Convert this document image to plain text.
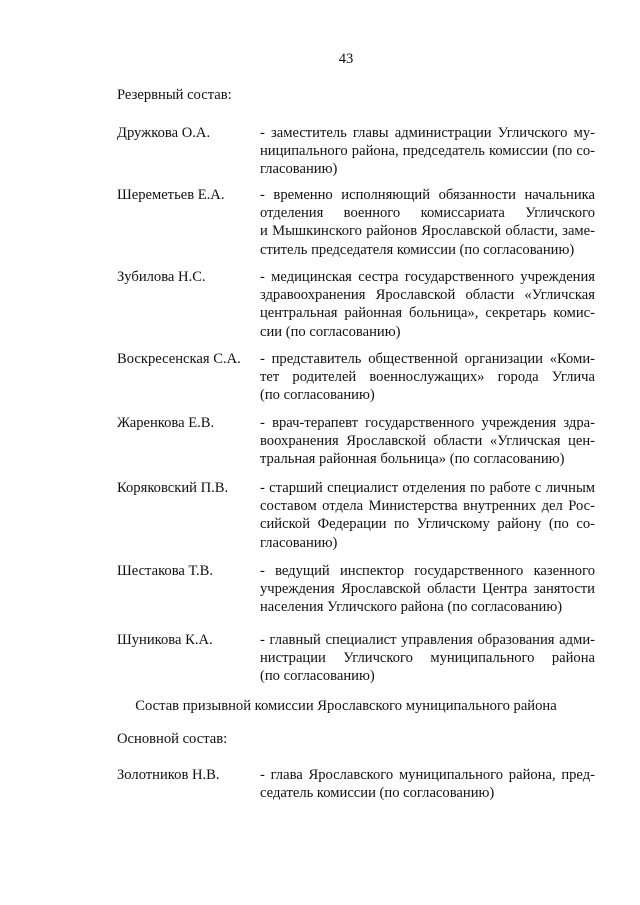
43
Резервный состав:
Дружкова О.А.	- заместитель главы администрации Угличского му-
ниципального района, председатель комиссии (по со-
гласованию)
Шереметьев Е.А.	- временно исполняющий обязанности начальника
отделения военного комиссариата Угличского
и Мышкинского районов Ярославской области, заме-
ститель председателя комиссии (по согласованию)
Зубилова Н.С.	- медицинская сестра государственного учреждения
здравоохранения Ярославской области «Угличская
центральная районная больница», секретарь комис-
сии (по согласованию)
Воскресенская С.А.	- представитель общественной организации «Коми-
тет родителей военнослужащих» города Углича
(по согласованию)
Жаренкова Е.В.	- врач-терапевт государственного учреждения здра-
воохранения Ярославской области «Угличская цен-
тральная районная больница» (по согласованию)
Коряковский П.В.	- старший специалист отделения по работе с личным
составом отдела Министерства внутренних дел Рос-
сийской Федерации по Угличскому району (по со-
гласованию)
Шестакова Т.В.	- ведущий инспектор государственного казенного
учреждения Ярославской области Центра занятости
населения Угличского района (по согласованию)
Шуникова К.А.	- главный специалист управления образования адми-
нистрации Угличского муниципального района
(по согласованию)
Состав призывной комиссии Ярославского муниципального района
Основной состав:
Золотников Н.В.	- глава Ярославского муниципального района, пред-
седатель комиссии (по согласованию)
